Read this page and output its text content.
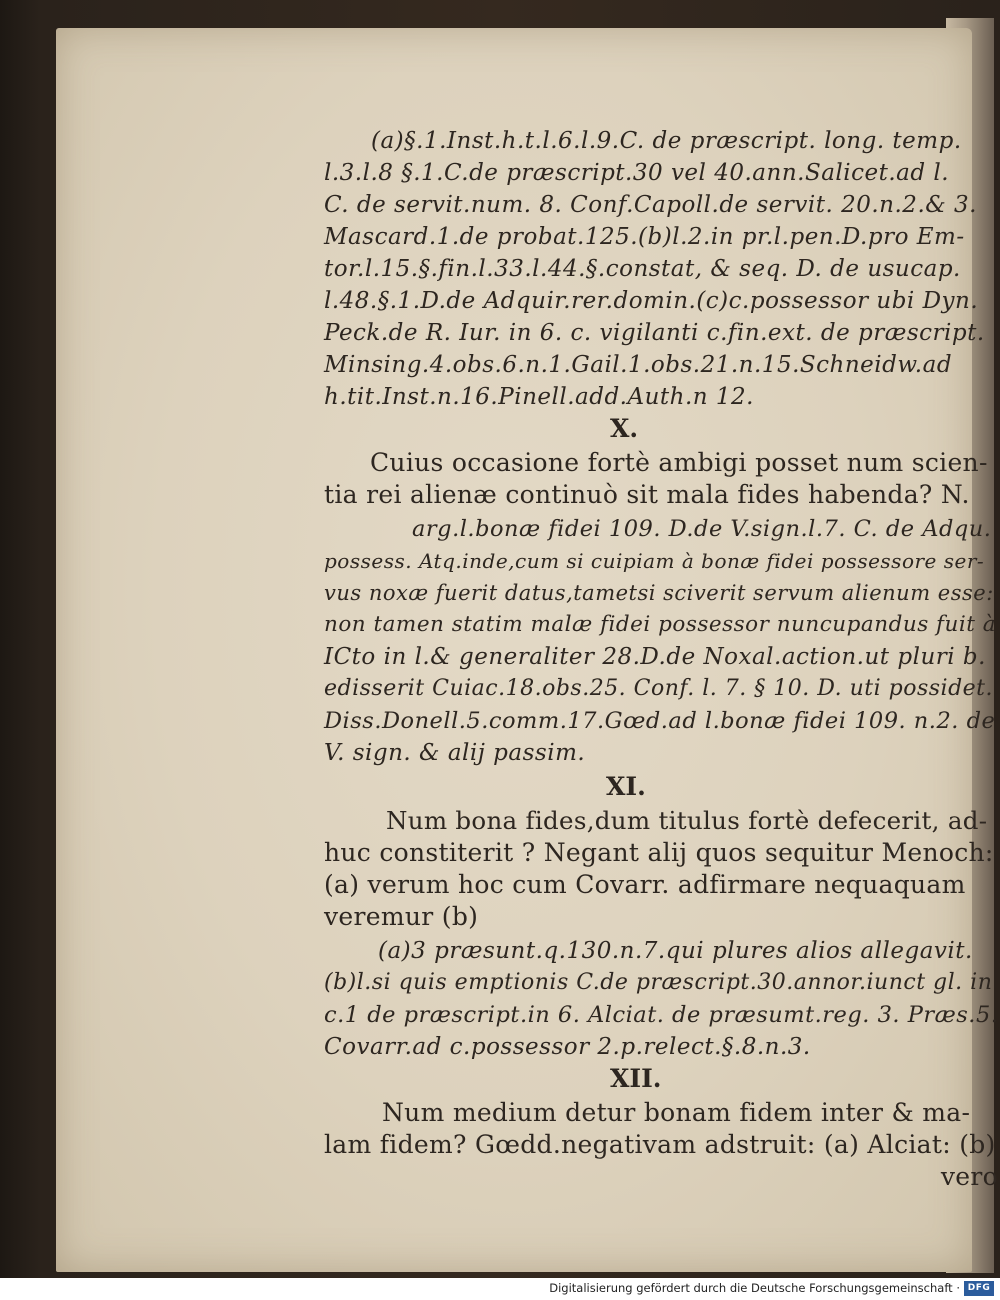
(a)§.1.Inst.h.t.l.6.l.9.C. de præscript. long. temp.
l.3.l.8 §.1.C.de præscript.30 vel 40.ann.Salicet.ad l.
C. de servit.num. 8. Conf.Capoll.de servit. 20.n.2.& 3.
Mascard.1.de probat.125.(b)l.2.in pr.l.pen.D.pro Em-
tor.l.15.§.fin.l.33.l.44.§.constat, & seq. D. de usucap.
l.48.§.1.D.de Adquir.rer.domin.(c)c.possessor ubi Dyn.
Peck.de R. Iur. in 6. c. vigilanti c.fin.ext. de præscript.
Minsing.4.obs.6.n.1.Gail.1.obs.21.n.15.Schneidw.ad
h.tit.Inst.n.16.Pinell.add.Auth.n 12.
X.
Cuius occasione fortè ambigi posset num scien-
tia rei alienæ continuò sit mala fides habenda? N.
arg.l.bonæ fidei 109. D.de V.sign.l.7. C. de Adqu.
possess. Atq.inde,cum si cuipiam à bonæ fidei possessore ser-
vus noxæ fuerit datus,tametsi sciverit servum alienum esse:
non tamen statim malæ fidei possessor nuncupandus fuit à
ICto in l.& generaliter 28.D.de Noxal.action.ut pluri b.
edisserit Cuiac.18.obs.25. Conf. l. 7. § 10. D. uti possidet.
Diss.Donell.5.comm.17.Gœd.ad l.bonæ fidei 109. n.2. de
V. sign. & alij passim.
XI.
Num bona fides,dum titulus fortè defecerit, ad-
huc constiterit ? Negant alij quos sequitur Menoch:
(a) verum hoc cum Covarr. adfirmare nequaquam
veremur (b)
(a)3 præsunt.q.130.n.7.qui plures alios allegavit.
(b)l.si quis emptionis C.de præscript.30.annor.iunct gl. in
c.1 de præscript.in 6. Alciat. de præsumt.reg. 3. Præs.5.
Covarr.ad c.possessor 2.p.relect.§.8.n.3.
XII.
Num medium detur bonam fidem inter & ma-
lam fidem? Gœdd.negativam adstruit: (a) Alciat: (b)
vero
Digitalisierung gefördert durch die Deutsche Forschungsgemeinschaft · DFG
